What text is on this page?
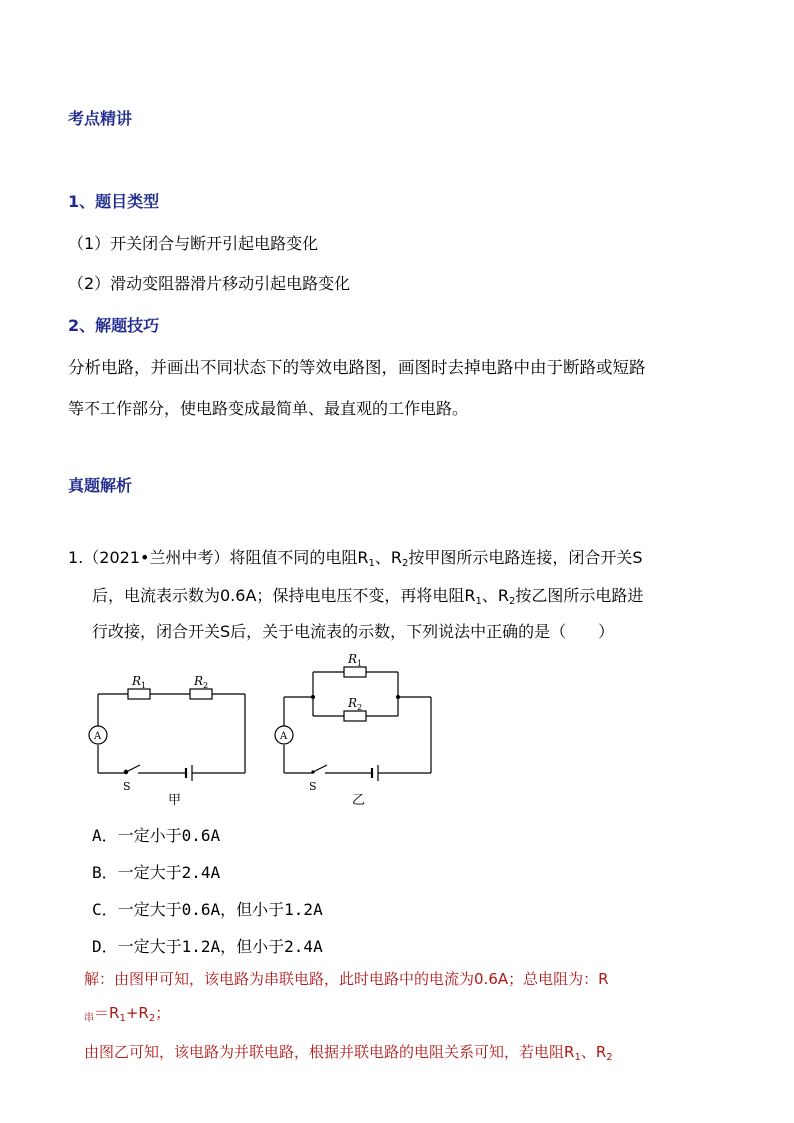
考点精讲
1、题目类型
（1）开关闭合与断开引起电路变化
（2）滑动变阻器滑片移动引起电路变化
2、解题技巧
分析电路，并画出不同状态下的等效电路图，画图时去掉电路中由于断路或短路
等不工作部分，使电路变成最简单、最直观的工作电路。
真题解析
1.（2021•兰州中考）将阻值不同的电阻$R_1$、$R_2$按甲图所示电路连接，闭合开关S
后，电流表示数为0.6A；保持电电压不变，再将电阻$R_1$、$R_2$按乙图所示电路进
行改接，闭合开关S后，关于电流表的示数，下列说法中正确的是（　　）
R 1	R 2
A
S
甲
R 1
R 2
A
S
乙
A．一定小于0.6A
B．一定大于2.4A
C．一定大于0.6A，但小于1.2A
D．一定大于1.2A，但小于2.4A
解：由图甲可知，该电路为串联电路，此时电路中的电流为0.6A；总电阻为：R
$_串=R_1+R_2$；
由图乙可知，该电路为并联电路，根据并联电路的电阻关系可知，若电阻$R_1$、$R_2$
